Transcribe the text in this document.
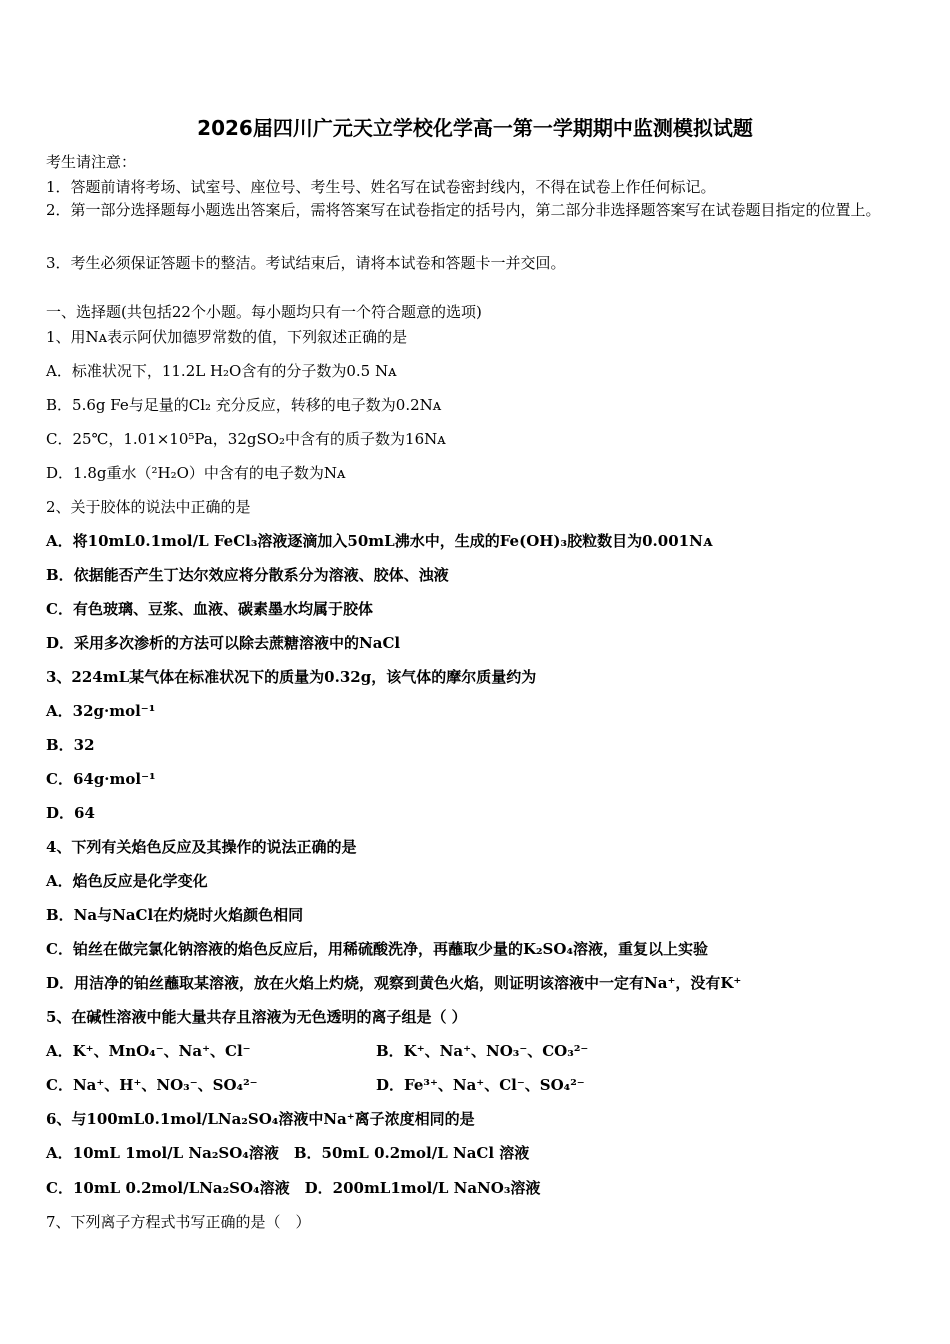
2026届四川广元天立学校化学高一第一学期期中监测模拟试题
考生请注意：
1．答题前请将考场、试室号、座位号、考生号、姓名写在试卷密封线内，不得在试卷上作任何标记。
2．第一部分选择题每小题选出答案后，需将答案写在试卷指定的括号内，第二部分非选择题答案写在试卷题目指定的位置上。
3．考生必须保证答题卡的整洁。考试结束后，请将本试卷和答题卡一并交回。
一、选择题(共包括22个小题。每小题均只有一个符合题意的选项)
1、用Nᴀ表示阿伏加德罗常数的值，下列叙述正确的是
A．标准状况下，11.2L H₂O含有的分子数为0.5 Nᴀ
B．5.6g Fe与足量的Cl₂ 充分反应，转移的电子数为0.2Nᴀ
C．25℃，1.01×10⁵Pa，32gSO₂中含有的质子数为16Nᴀ
D．1.8g重水（²H₂O）中含有的电子数为Nᴀ
2、关于胶体的说法中正确的是
A．将10mL0.1mol/L FeCl₃溶液逐滴加入50mL沸水中，生成的Fe(OH)₃胶粒数目为0.001Nᴀ
B．依据能否产生丁达尔效应将分散系分为溶液、胶体、浊液
C．有色玻璃、豆浆、血液、碳素墨水均属于胶体
D．采用多次渗析的方法可以除去蔗糖溶液中的NaCl
3、224mL某气体在标准状况下的质量为0.32g，该气体的摩尔质量约为
A．32g·mol⁻¹
B．32
C．64g·mol⁻¹
D．64
4、下列有关焰色反应及其操作的说法正确的是
A．焰色反应是化学变化
B．Na与NaCl在灼烧时火焰颜色相同
C．铂丝在做完氯化钠溶液的焰色反应后，用稀硫酸洗净，再蘸取少量的K₂SO₄溶液，重复以上实验
D．用洁净的铂丝蘸取某溶液，放在火焰上灼烧，观察到黄色火焰，则证明该溶液中一定有Na⁺，没有K⁺
5、在碱性溶液中能大量共存且溶液为无色透明的离子组是（ ）
A．K⁺、MnO₄⁻、Na⁺、Cl⁻	B．K⁺、Na⁺、NO₃⁻、CO₃²⁻
C．Na⁺、H⁺、NO₃⁻、SO₄²⁻	D．Fe³⁺、Na⁺、Cl⁻、SO₄²⁻
6、与100mL0.1mol/LNa₂SO₄溶液中Na⁺离子浓度相同的是
A．10mL 1mol/L Na₂SO₄溶液　B．50mL 0.2mol/L NaCl 溶液
C．10mL 0.2mol/LNa₂SO₄溶液　D．200mL1mol/L NaNO₃溶液
7、下列离子方程式书写正确的是（　）
